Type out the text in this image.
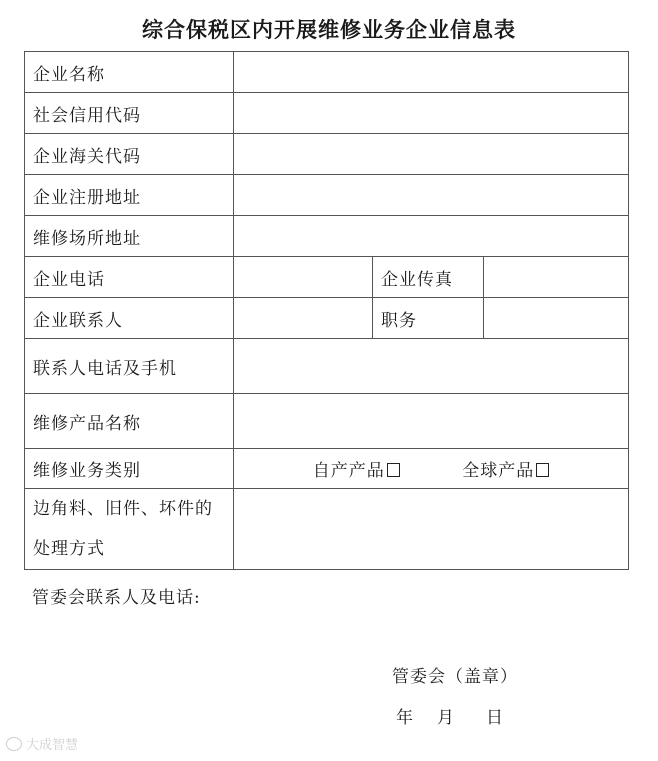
综合保税区内开展维修业务企业信息表
企业名称			
社会信用代码			
企业海关代码			
企业注册地址			
维修场所地址			
企业电话		企业传真	
企业联系人		职务	
联系人电话及手机			
维修产品名称			
维修业务类别	自产产品 全球产品		
边角料、旧件、坏件的
处理方式			
管委会联系人及电话:
管委会（盖章）
年 月 日
大成智慧
